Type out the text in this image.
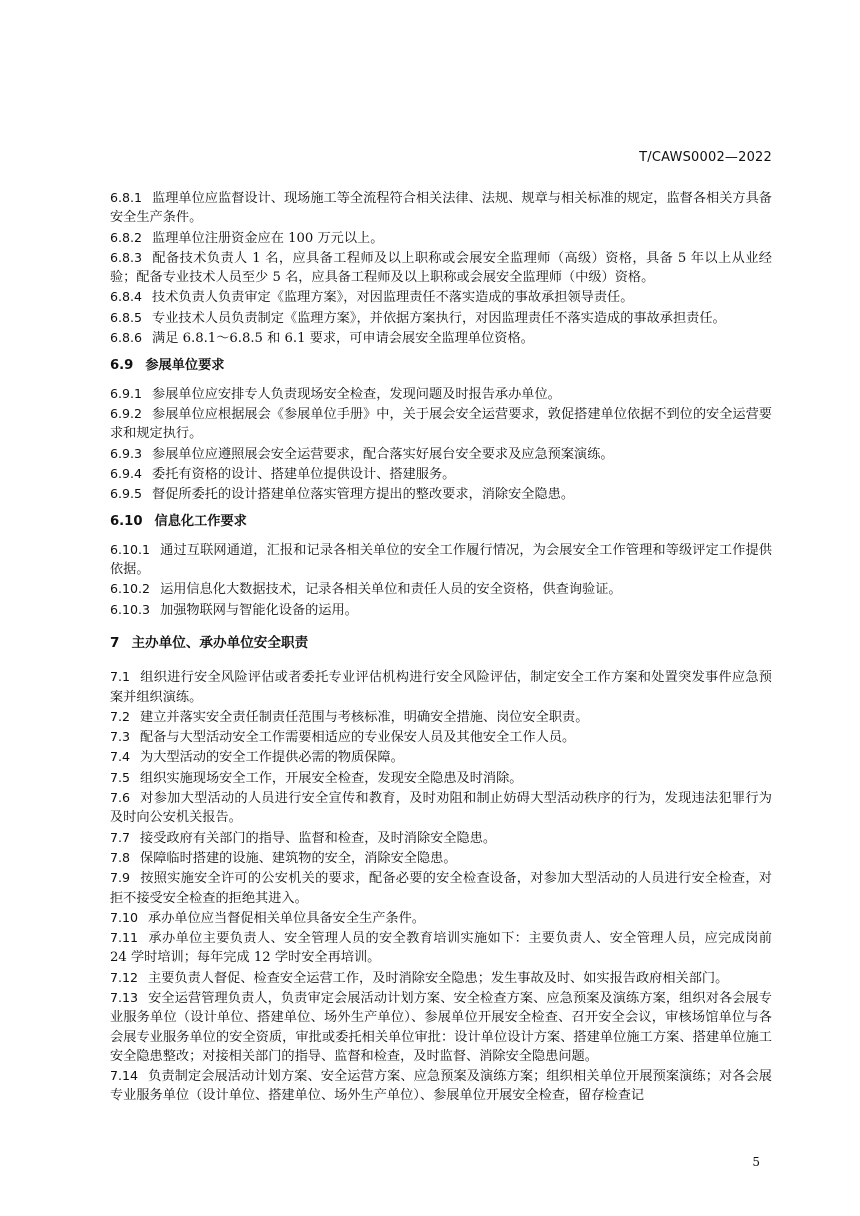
T/CAWS0002—2022
6.8.1 监理单位应监督设计、现场施工等全流程符合相关法律、法规、规章与相关标准的规定，监督各相关方具备安全生产条件。
6.8.2 监理单位注册资金应在 100 万元以上。
6.8.3 配备技术负责人 1 名，应具备工程师及以上职称或会展安全监理师（高级）资格，具备 5 年以上从业经验；配备专业技术人员至少 5 名，应具备工程师及以上职称或会展安全监理师（中级）资格。
6.8.4 技术负责人负责审定《监理方案》，对因监理责任不落实造成的事故承担领导责任。
6.8.5 专业技术人员负责制定《监理方案》，并依据方案执行，对因监理责任不落实造成的事故承担责任。
6.8.6 满足 6.8.1～6.8.5 和 6.1 要求，可申请会展安全监理单位资格。
6.9 参展单位要求
6.9.1 参展单位应安排专人负责现场安全检查，发现问题及时报告承办单位。
6.9.2 参展单位应根据展会《参展单位手册》中，关于展会安全运营要求，敦促搭建单位依据不到位的安全运营要求和规定执行。
6.9.3 参展单位应遵照展会安全运营要求，配合落实好展台安全要求及应急预案演练。
6.9.4 委托有资格的设计、搭建单位提供设计、搭建服务。
6.9.5 督促所委托的设计搭建单位落实管理方提出的整改要求，消除安全隐患。
6.10 信息化工作要求
6.10.1 通过互联网通道，汇报和记录各相关单位的安全工作履行情况，为会展安全工作管理和等级评定工作提供依据。
6.10.2 运用信息化大数据技术，记录各相关单位和责任人员的安全资格，供查询验证。
6.10.3 加强物联网与智能化设备的运用。
7 主办单位、承办单位安全职责
7.1 组织进行安全风险评估或者委托专业评估机构进行安全风险评估，制定安全工作方案和处置突发事件应急预案并组织演练。
7.2 建立并落实安全责任制责任范围与考核标准，明确安全措施、岗位安全职责。
7.3 配备与大型活动安全工作需要相适应的专业保安人员及其他安全工作人员。
7.4 为大型活动的安全工作提供必需的物质保障。
7.5 组织实施现场安全工作，开展安全检查，发现安全隐患及时消除。
7.6 对参加大型活动的人员进行安全宣传和教育，及时劝阻和制止妨碍大型活动秩序的行为，发现违法犯罪行为及时向公安机关报告。
7.7 接受政府有关部门的指导、监督和检查，及时消除安全隐患。
7.8 保障临时搭建的设施、建筑物的安全，消除安全隐患。
7.9 按照实施安全许可的公安机关的要求，配备必要的安全检查设备，对参加大型活动的人员进行安全检查，对拒不接受安全检查的拒绝其进入。
7.10 承办单位应当督促相关单位具备安全生产条件。
7.11 承办单位主要负责人、安全管理人员的安全教育培训实施如下：主要负责人、安全管理人员，应完成岗前 24 学时培训；每年完成 12 学时安全再培训。
7.12 主要负责人督促、检查安全运营工作，及时消除安全隐患；发生事故及时、如实报告政府相关部门。
7.13 安全运营管理负责人，负责审定会展活动计划方案、安全检查方案、应急预案及演练方案，组织对各会展专业服务单位（设计单位、搭建单位、场外生产单位）、参展单位开展安全检查、召开安全会议，审核场馆单位与各会展专业服务单位的安全资质，审批或委托相关单位审批：设计单位设计方案、搭建单位施工方案、搭建单位施工安全隐患整改；对接相关部门的指导、监督和检查，及时监督、消除安全隐患问题。
7.14 负责制定会展活动计划方案、安全运营方案、应急预案及演练方案；组织相关单位开展预案演练；对各会展专业服务单位（设计单位、搭建单位、场外生产单位）、参展单位开展安全检查，留存检查记
5
